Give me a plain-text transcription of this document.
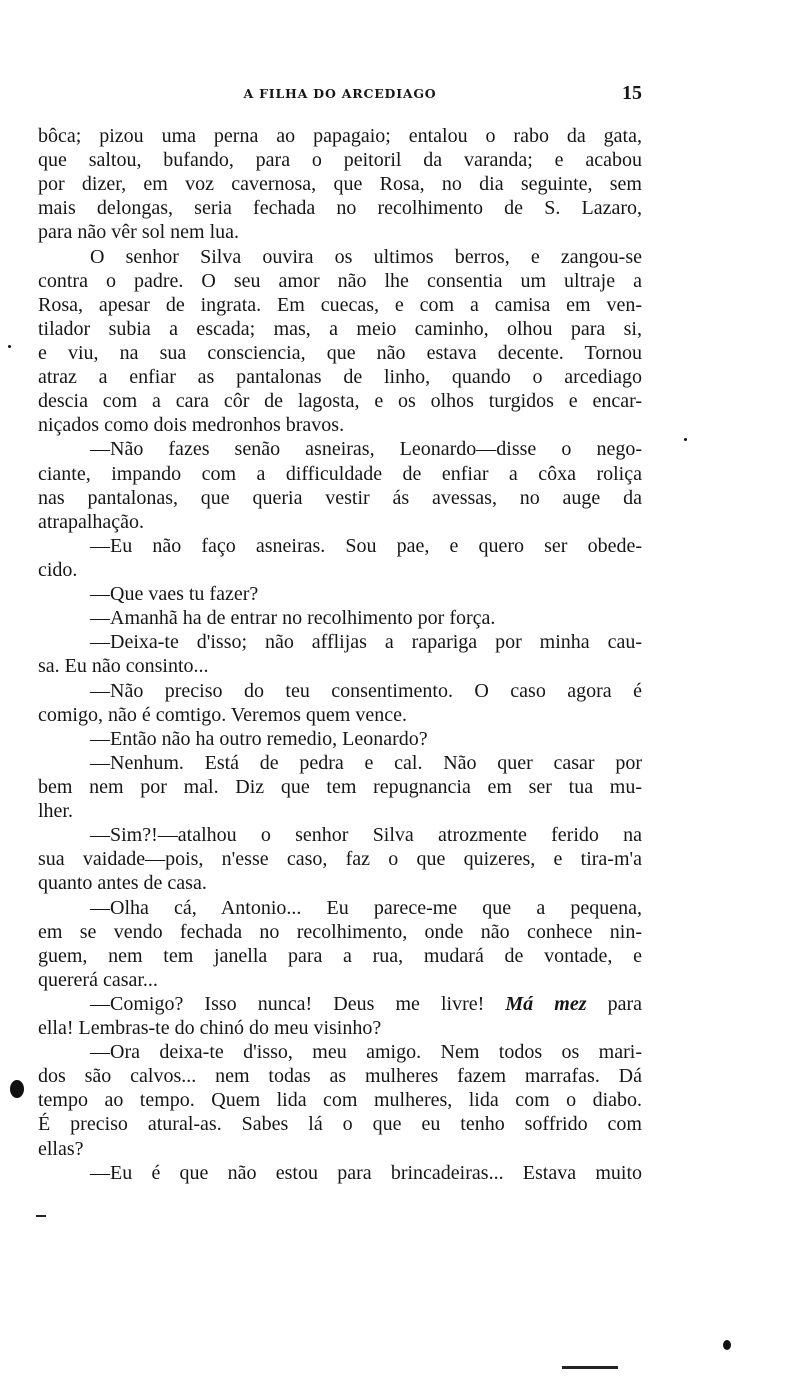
A FILHA DO ARCEDIAGO	15
bôca; pizou uma perna ao papagaio; entalou o rabo da gata,
que saltou, bufando, para o peitoril da varanda; e acabou
por dizer, em voz cavernosa, que Rosa, no dia seguinte, sem
mais delongas, seria fechada no recolhimento de S. Lazaro,
para não vêr sol nem lua.
O senhor Silva ouvira os ultimos berros, e zangou-se
contra o padre. O seu amor não lhe consentia um ultraje a
Rosa, apesar de ingrata. Em cuecas, e com a camisa em ven-
tilador subia a escada; mas, a meio caminho, olhou para si,
e viu, na sua consciencia, que não estava decente. Tornou
atraz a enfiar as pantalonas de linho, quando o arcediago
descia com a cara côr de lagosta, e os olhos turgidos e encar-
niçados como dois medronhos bravos.
—Não fazes senão asneiras, Leonardo—disse o nego-
ciante, impando com a difficuldade de enfiar a côxa roliça
nas pantalonas, que queria vestir ás avessas, no auge da
atrapalhação.
—Eu não faço asneiras. Sou pae, e quero ser obede-
cido.
—Que vaes tu fazer?
—Amanhã ha de entrar no recolhimento por força.
—Deixa-te d'isso; não afflijas a rapariga por minha cau-
sa. Eu não consinto...
—Não preciso do teu consentimento. O caso agora é
comigo, não é comtigo. Veremos quem vence.
—Então não ha outro remedio, Leonardo?
—Nenhum. Está de pedra e cal. Não quer casar por
bem nem por mal. Diz que tem repugnancia em ser tua mu-
lher.
—Sim?!—atalhou o senhor Silva atrozmente ferido na
sua vaidade—pois, n'esse caso, faz o que quizeres, e tira-m'a
quanto antes de casa.
—Olha cá, Antonio... Eu parece-me que a pequena,
em se vendo fechada no recolhimento, onde não conhece nin-
guem, nem tem janella para a rua, mudará de vontade, e
quererá casar...
—Comigo? Isso nunca! Deus me livre! Má mez para
ella! Lembras-te do chinó do meu visinho?
—Ora deixa-te d'isso, meu amigo. Nem todos os mari-
dos são calvos... nem todas as mulheres fazem marrafas. Dá
tempo ao tempo. Quem lida com mulheres, lida com o diabo.
É preciso atural-as. Sabes lá o que eu tenho soffrido com
ellas?
—Eu é que não estou para brincadeiras... Estava muito
